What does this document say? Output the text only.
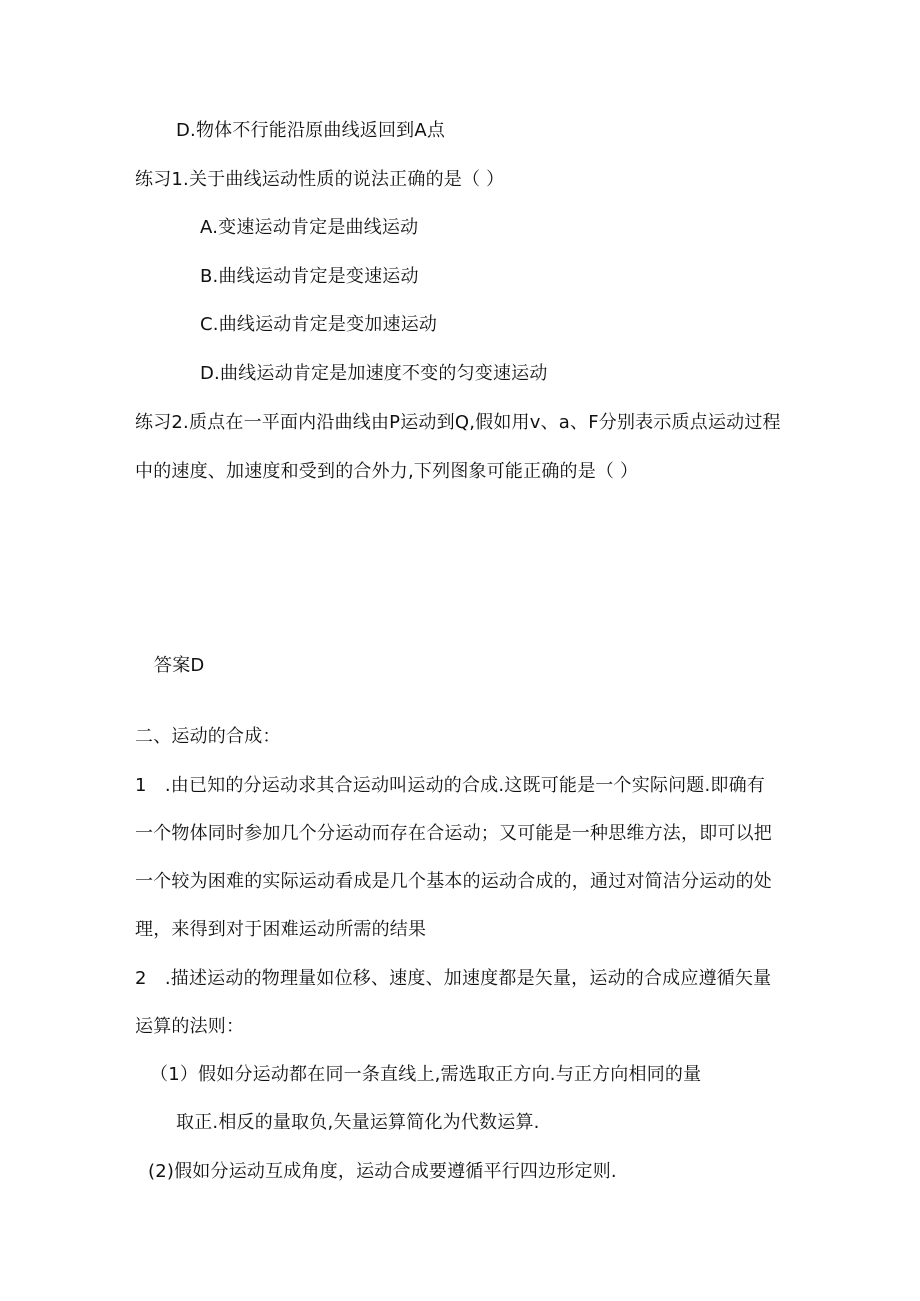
D.物体不行能沿原曲线返回到A点
练习1.关于曲线运动性质的说法正确的是（ ）
A.变速运动肯定是曲线运动
B.曲线运动肯定是变速运动
C.曲线运动肯定是变加速运动
D.曲线运动肯定是加速度不变的匀变速运动
练习2.质点在一平面内沿曲线由P运动到Q,假如用v、a、F分别表示质点运动过程
中的速度、加速度和受到的合外力,下列图象可能正确的是（ ）
答案D
二、运动的合成：
1　.由已知的分运动求其合运动叫运动的合成.这既可能是一个实际问题.即确有
一个物体同时参加几个分运动而存在合运动；又可能是一种思维方法，即可以把
一个较为困难的实际运动看成是几个基本的运动合成的，通过对简洁分运动的处
理，来得到对于困难运动所需的结果
2　.描述运动的物理量如位移、速度、加速度都是矢量，运动的合成应遵循矢量
运算的法则：
（1）假如分运动都在同一条直线上,需选取正方向.与正方向相同的量
取正.相反的量取负,矢量运算简化为代数运算.
(2)假如分运动互成角度，运动合成要遵循平行四边形定则.
